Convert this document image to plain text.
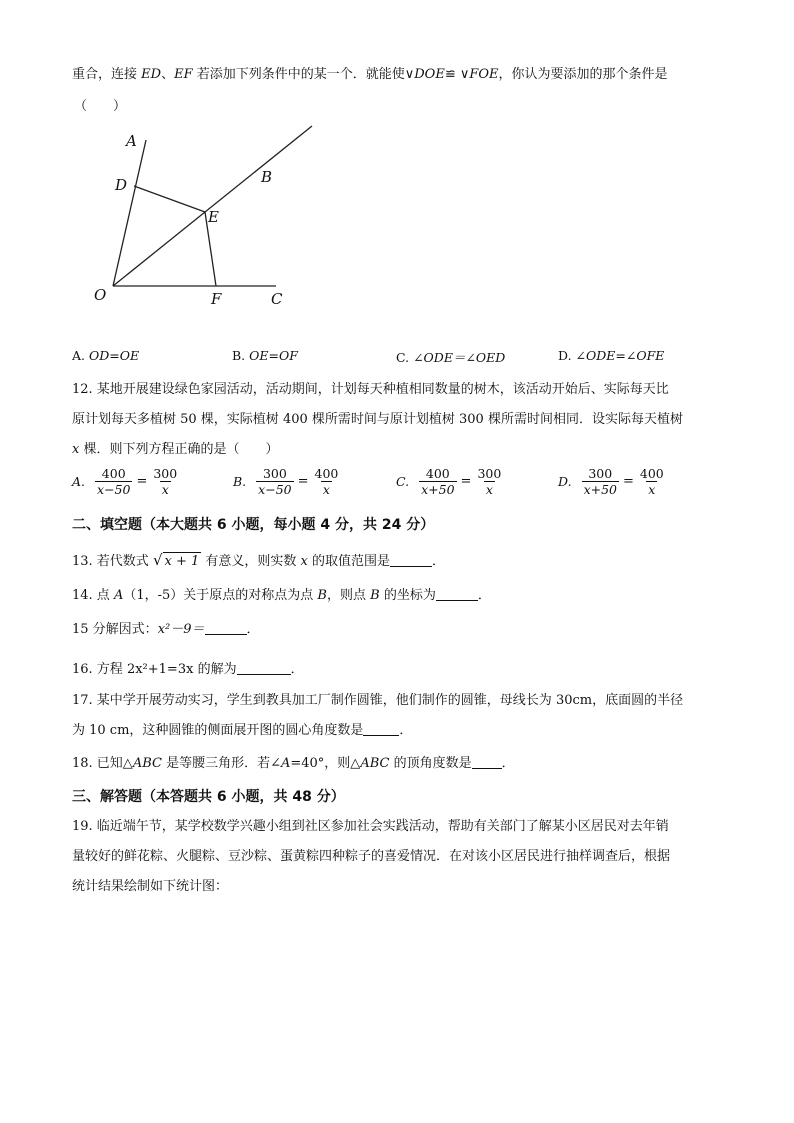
重合，连接 ED、EF 若添加下列条件中的某一个．就能使∨DOE≌ ∨FOE，你认为要添加的那个条件是
（　　）
A
B
C
D
E
F
O
A. OD=OE	B. OE=OF	C. ∠ODE＝∠OED	D. ∠ODE=∠OFE
12. 某地开展建设绿色家园活动，活动期间，计划每天种植相同数量的树木，该活动开始后、实际每天比
原计划每天多植树 50 棵，实际植树 400 棵所需时间与原计划植树 300 棵所需时间相同．设实际每天植树
x 棵．则下列方程正确的是（　　）
A. $\frac{400}{x-50} = \frac{300}{x}$	B. $\frac{300}{x-50} = \frac{400}{x}$	C. $\frac{400}{x+50} = \frac{300}{x}$	D. $\frac{300}{x+50} = \frac{400}{x}$
二、填空题（本大题共 6 小题，每小题 4 分，共 24 分）
13. 若代数式 √ x + 1 有意义，则实数 x 的取值范围是	．
14. 点 A（1，-5）关于原点的对称点为点 B，则点 B 的坐标为	．
15 分解因式：x²－9＝	．
16. 方程 2x²+1=3x 的解为	．
17. 某中学开展劳动实习，学生到教具加工厂制作圆锥，他们制作的圆锥，母线长为 30cm，底面圆的半径
为 10 cm，这种圆锥的侧面展开图的圆心角度数是	．
18. 已知△ABC 是等腰三角形．若∠A=40°，则△ABC 的顶角度数是 ．
三、解答题（本答题共 6 小题，共 48 分）
19. 临近端午节，某学校数学兴趣小组到社区参加社会实践活动，帮助有关部门了解某小区居民对去年销
量较好的鲜花粽、火腿粽、豆沙粽、蛋黄粽四种粽子的喜爱情况．在对该小区居民进行抽样调查后，根据
统计结果绘制如下统计图：
